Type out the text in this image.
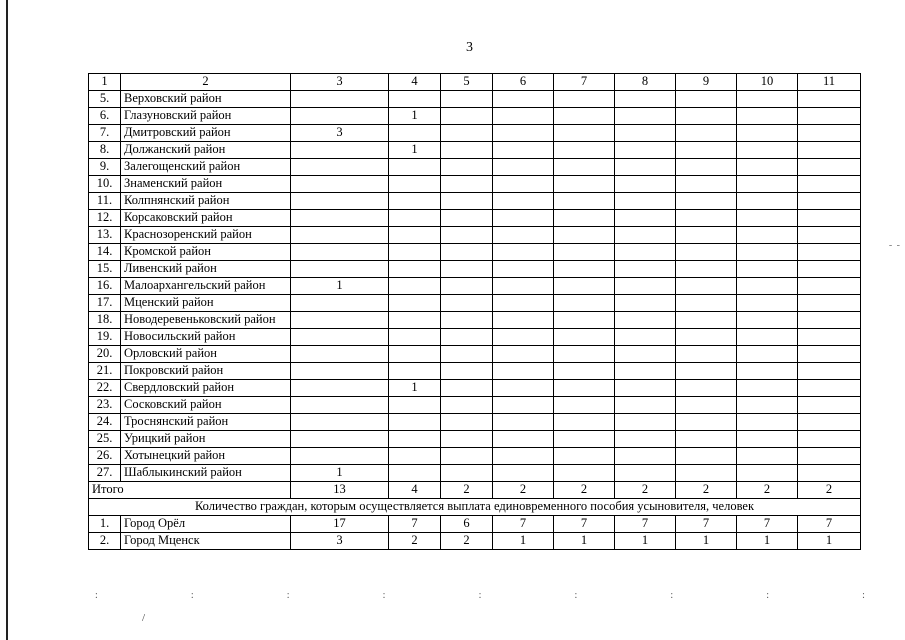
3
1	2	3	4	5	6	7	8	9	10	11
5.	Верховский район									
6.	Глазуновский район		1							
7.	Дмитровский район	3								
8.	Должанский район		1							
9.	Залегощенский район									
10.	Знаменский район									
11.	Колпнянский район									
12.	Корсаковский район									
13.	Краснозоренский район									
14.	Кромской район									
15.	Ливенский район									
16.	Малоархангельский район	1								
17.	Мценский район									
18.	Новодеревеньковский район									
19.	Новосильский район									
20.	Орловский район									
21.	Покровский район									
22.	Свердловский район		1							
23.	Сосковский район									
24.	Троснянский район									
25.	Урицкий район									
26.	Хотынецкий район									
27.	Шаблыкинский район	1								
Итого		13	4	2	2	2	2	2	2	2
Количество граждан, которым осуществляется выплата единовременного пособия усыновителя, человек										
1.	Город Орёл	17	7	6	7	7	7	7	7	7
2.	Город Мценск	3	2	2	1	1	1	1	1	1
:	:	:	:	:	:	:	:	:
/
- -
